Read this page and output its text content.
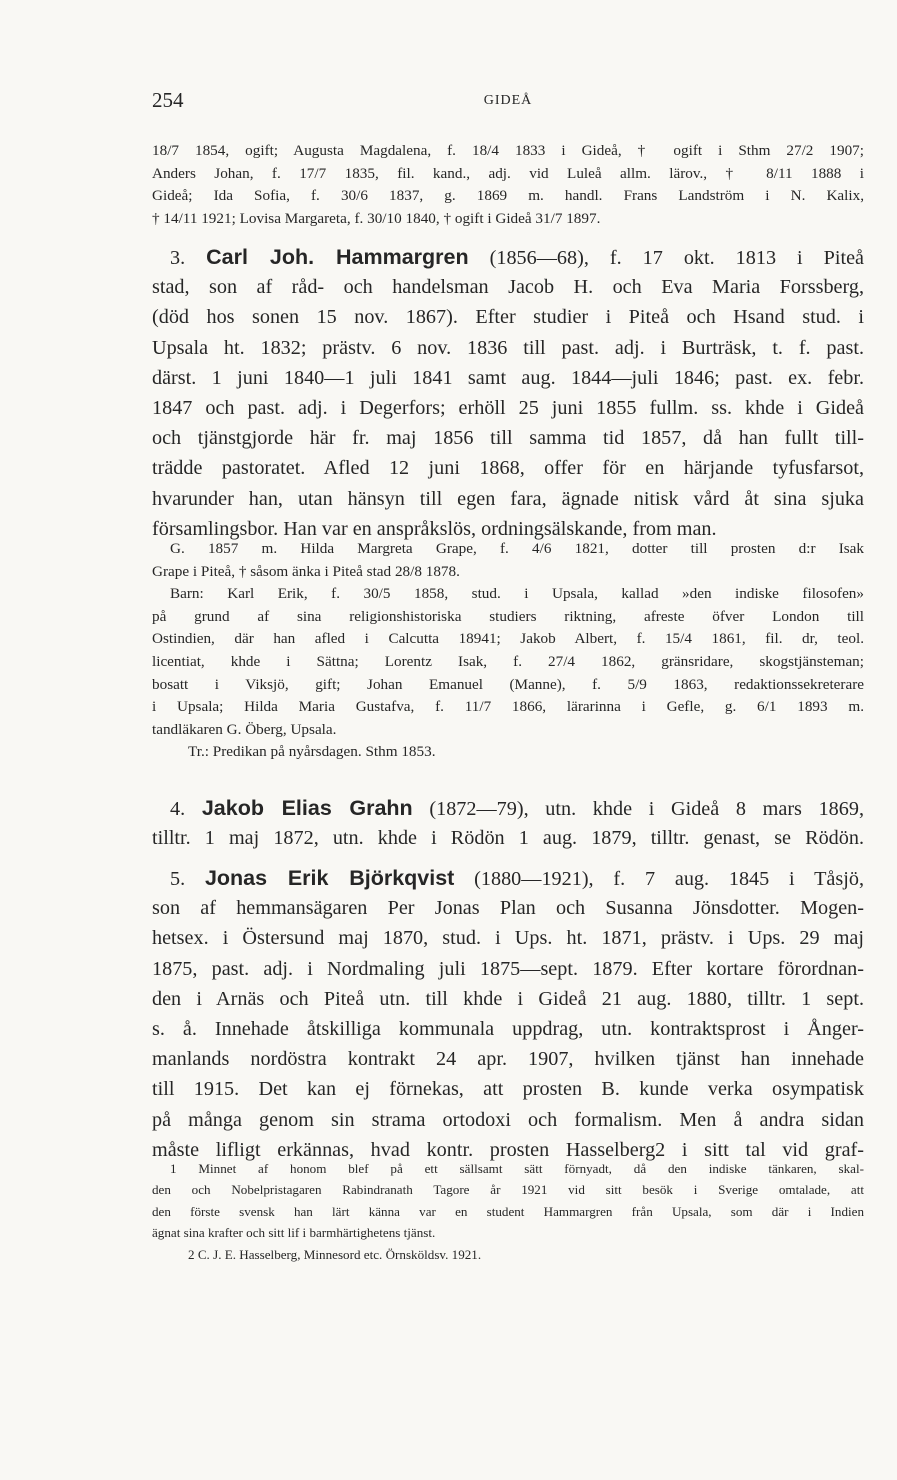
254	GIDEÅ
18/7 1854, ogift; Augusta Magdalena, f. 18/4 1833 i Gideå, † ogift i Sthm 27/2 1907;
Anders Johan, f. 17/7 1835, fil. kand., adj. vid Luleå allm. lärov., † 8/11 1888 i
Gideå; Ida Sofia, f. 30/6 1837, g. 1869 m. handl. Frans Landström i N. Kalix,
† 14/11 1921; Lovisa Margareta, f. 30/10 1840, † ogift i Gideå 31/7 1897.
3. Carl Joh. Hammargren (1856—68), f. 17 okt. 1813 i Piteå
stad, son af råd- och handelsman Jacob H. och Eva Maria Forssberg,
(död hos sonen 15 nov. 1867). Efter studier i Piteå och Hsand stud. i
Upsala ht. 1832; prästv. 6 nov. 1836 till past. adj. i Burträsk, t. f. past.
därst. 1 juni 1840—1 juli 1841 samt aug. 1844—juli 1846; past. ex. febr.
1847 och past. adj. i Degerfors; erhöll 25 juni 1855 fullm. ss. khde i Gideå
och tjänstgjorde här fr. maj 1856 till samma tid 1857, då han fullt till-
trädde pastoratet. Afled 12 juni 1868, offer för en härjande tyfusfarsot,
hvarunder han, utan hänsyn till egen fara, ägnade nitisk vård åt sina sjuka
församlingsbor. Han var en anspråkslös, ordningsälskande, from man.
G. 1857 m. Hilda Margreta Grape, f. 4/6 1821, dotter till prosten d:r Isak
Grape i Piteå, † såsom änka i Piteå stad 28/8 1878.
Barn: Karl Erik, f. 30/5 1858, stud. i Upsala, kallad »den indiske filosofen»
på grund af sina religionshistoriska studiers riktning, afreste öfver London till
Ostindien, där han afled i Calcutta 18941; Jakob Albert, f. 15/4 1861, fil. dr, teol.
licentiat, khde i Sättna; Lorentz Isak, f. 27/4 1862, gränsridare, skogstjänsteman;
bosatt i Viksjö, gift; Johan Emanuel (Manne), f. 5/9 1863, redaktionssekreterare
i Upsala; Hilda Maria Gustafva, f. 11/7 1866, lärarinna i Gefle, g. 6/1 1893 m.
tandläkaren G. Öberg, Upsala.
Tr.: Predikan på nyårsdagen. Sthm 1853.
4. Jakob Elias Grahn (1872—79), utn. khde i Gideå 8 mars 1869,
tilltr. 1 maj 1872, utn. khde i Rödön 1 aug. 1879, tilltr. genast, se Rödön.
5. Jonas Erik Björkqvist (1880—1921), f. 7 aug. 1845 i Tåsjö,
son af hemmansägaren Per Jonas Plan och Susanna Jönsdotter. Mogen-
hetsex. i Östersund maj 1870, stud. i Ups. ht. 1871, prästv. i Ups. 29 maj
1875, past. adj. i Nordmaling juli 1875—sept. 1879. Efter kortare förordnan-
den i Arnäs och Piteå utn. till khde i Gideå 21 aug. 1880, tilltr. 1 sept.
s. å. Innehade åtskilliga kommunala uppdrag, utn. kontraktsprost i Ånger-
manlands nordöstra kontrakt 24 apr. 1907, hvilken tjänst han innehade
till 1915. Det kan ej förnekas, att prosten B. kunde verka osympatisk
på många genom sin strama ortodoxi och formalism. Men å andra sidan
måste lifligt erkännas, hvad kontr. prosten Hasselberg2 i sitt tal vid graf-
1 Minnet af honom blef på ett sällsamt sätt förnyadt, då den indiske tänkaren, skal-
den och Nobelpristagaren Rabindranath Tagore år 1921 vid sitt besök i Sverige omtalade, att
den förste svensk han lärt känna var en student Hammargren från Upsala, som där i Indien
ägnat sina krafter och sitt lif i barmhärtighetens tjänst.
2 C. J. E. Hasselberg, Minnesord etc. Örnsköldsv. 1921.
